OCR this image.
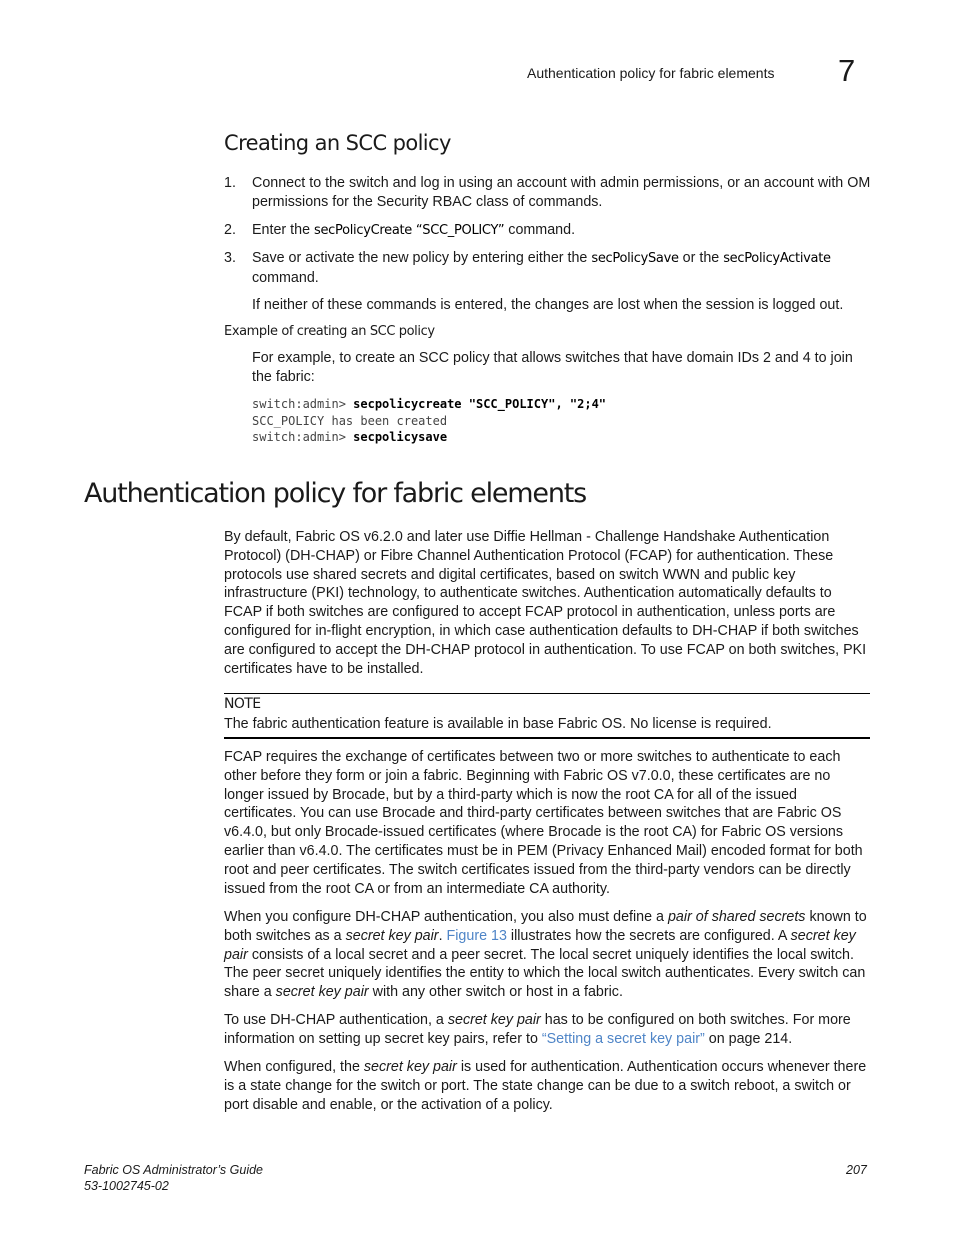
Authentication policy for fabric elements 7
Creating an SCC policy
1. Connect to the switch and log in using an account with admin permissions, or an account with OM permissions for the Security RBAC class of commands.
2. Enter the secPolicyCreate “SCC_POLICY” command.
3. Save or activate the new policy by entering either the secPolicySave or the secPolicyActivate command.
If neither of these commands is entered, the changes are lost when the session is logged out.
Example of creating an SCC policy
For example, to create an SCC policy that allows switches that have domain IDs 2 and 4 to join the fabric:
switch:admin> secpolicycreate "SCC_POLICY", "2;4"
SCC_POLICY has been created
switch:admin> secpolicysave
Authentication policy for fabric elements
By default, Fabric OS v6.2.0 and later use Diffie Hellman - Challenge Handshake Authentication Protocol) (DH-CHAP) or Fibre Channel Authentication Protocol (FCAP) for authentication. These protocols use shared secrets and digital certificates, based on switch WWN and public key infrastructure (PKI) technology, to authenticate switches. Authentication automatically defaults to FCAP if both switches are configured to accept FCAP protocol in authentication, unless ports are configured for in-flight encryption, in which case authentication defaults to DH-CHAP if both switches are configured to accept the DH-CHAP protocol in authentication. To use FCAP on both switches, PKI certificates have to be installed.
NOTE
The fabric authentication feature is available in base Fabric OS. No license is required.
FCAP requires the exchange of certificates between two or more switches to authenticate to each other before they form or join a fabric. Beginning with Fabric OS v7.0.0, these certificates are no longer issued by Brocade, but by a third-party which is now the root CA for all of the issued certificates. You can use Brocade and third-party certificates between switches that are Fabric OS v6.4.0, but only Brocade-issued certificates (where Brocade is the root CA) for Fabric OS versions earlier than v6.4.0. The certificates must be in PEM (Privacy Enhanced Mail) encoded format for both root and peer certificates. The switch certificates issued from the third-party vendors can be directly issued from the root CA or from an intermediate CA authority.
When you configure DH-CHAP authentication, you also must define a pair of shared secrets known to both switches as a secret key pair. Figure 13 illustrates how the secrets are configured. A secret key pair consists of a local secret and a peer secret. The local secret uniquely identifies the local switch. The peer secret uniquely identifies the entity to which the local switch authenticates. Every switch can share a secret key pair with any other switch or host in a fabric.
To use DH-CHAP authentication, a secret key pair has to be configured on both switches. For more information on setting up secret key pairs, refer to “Setting a secret key pair” on page 214.
When configured, the secret key pair is used for authentication. Authentication occurs whenever there is a state change for the switch or port. The state change can be due to a switch reboot, a switch or port disable and enable, or the activation of a policy.
Fabric OS Administrator’s Guide
53-1002745-02
207
